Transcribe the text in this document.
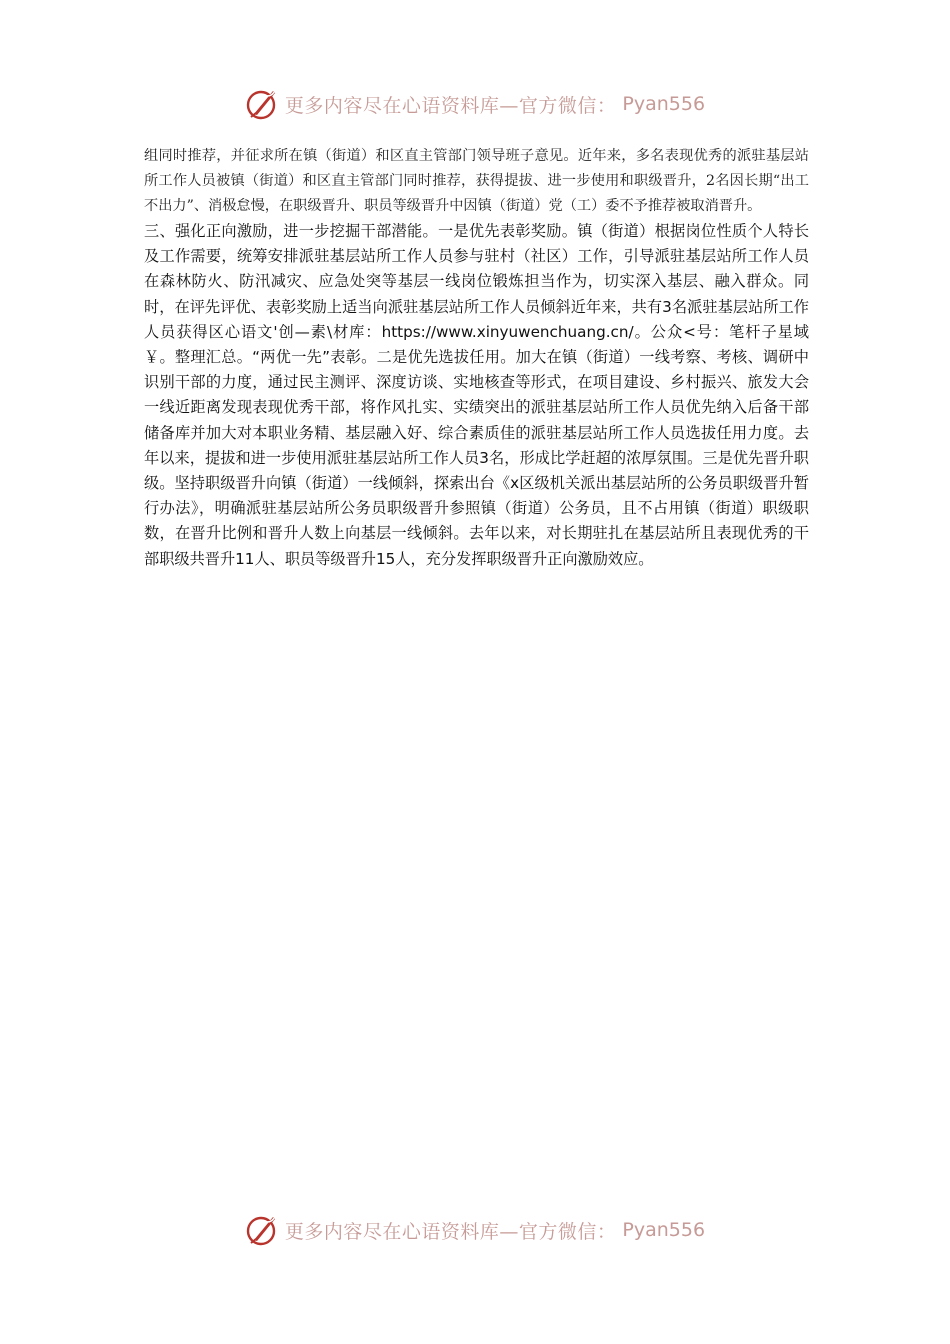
更多内容尽在心语资料库—官方微信： Pyan556

组同时推荐，并征求所在镇（街道）和区直主管部门领导班子意见。近年来，多名表现优秀的派驻基层站所工作人员被镇（街道）和区直主管部门同时推荐，获得提拔、进一步使用和职级晋升，2名因长期“出工不出力”、消极怠慢，在职级晋升、职员等级晋升中因镇（街道）党（工）委不予推荐被取消晋升。

三、强化正向激励，进一步挖掘干部潜能。一是优先表彰奖励。镇（街道）根据岗位性质个人特长及工作需要，统筹安排派驻基层站所工作人员参与驻村（社区）工作，引导派驻基层站所工作人员在森林防火、防汛减灾、应急处突等基层一线岗位锻炼担当作为，切实深入基层、融入群众。同时，在评先评优、表彰奖励上适当向派驻基层站所工作人员倾斜近年来，共有3名派驻基层站所工作人员获得区心语文'创—素\材库：https://www.xinyuwenchuang.cn/。公众<号：笔杆子星域￥。整理汇总。“两优一先”表彰。二是优先选拔任用。加大在镇（街道）一线考察、考核、调研中识别干部的力度，通过民主测评、深度访谈、实地核查等形式，在项目建设、乡村振兴、旅发大会一线近距离发现表现优秀干部，将作风扎实、实绩突出的派驻基层站所工作人员优先纳入后备干部储备库并加大对本职业务精、基层融入好、综合素质佳的派驻基层站所工作人员选拔任用力度。去年以来，提拔和进一步使用派驻基层站所工作人员3名，形成比学赶超的浓厚氛围。三是优先晋升职级。坚持职级晋升向镇（街道）一线倾斜，探索出台《x区级机关派出基层站所的公务员职级晋升暂行办法》，明确派驻基层站所公务员职级晋升参照镇（街道）公务员，且不占用镇（街道）职级职数，在晋升比例和晋升人数上向基层一线倾斜。去年以来，对长期驻扎在基层站所且表现优秀的干部职级共晋升11人、职员等级晋升15人，充分发挥职级晋升正向激励效应。

更多内容尽在心语资料库—官方微信： Pyan556
